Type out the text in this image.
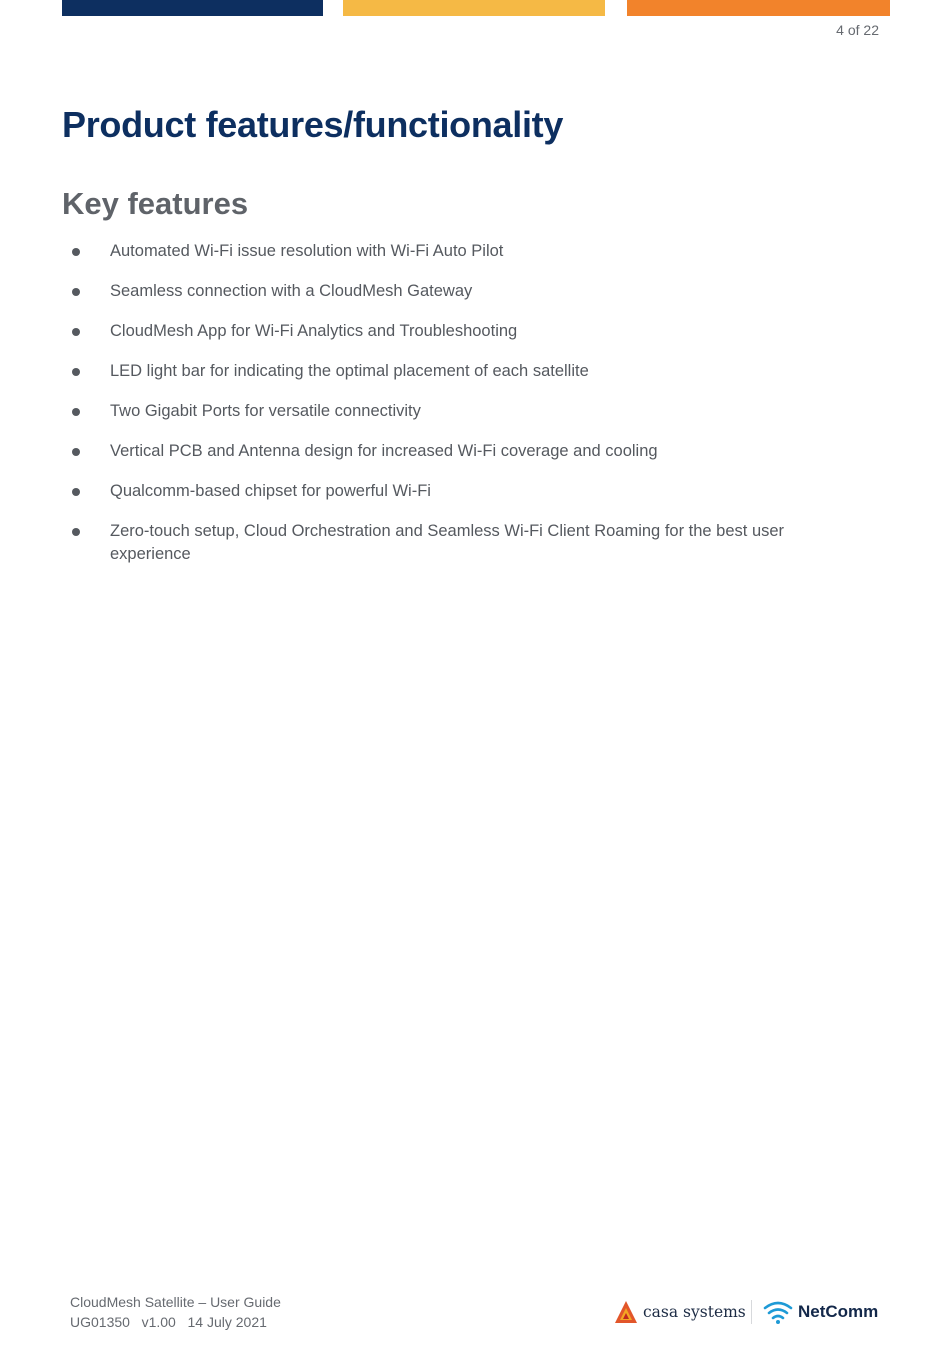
4 of 22
Product features/functionality
Key features
Automated Wi-Fi issue resolution with Wi-Fi Auto Pilot
Seamless connection with a CloudMesh Gateway
CloudMesh App for Wi-Fi Analytics and Troubleshooting
LED light bar for indicating the optimal placement of each satellite
Two Gigabit Ports for versatile connectivity
Vertical PCB and Antenna design for increased Wi-Fi coverage and cooling
Qualcomm-based chipset for powerful Wi-Fi
Zero-touch setup, Cloud Orchestration and Seamless Wi-Fi Client Roaming for the best user experience
CloudMesh Satellite – User Guide
UG01350   v1.00   14 July 2021
casa systems	NetComm
